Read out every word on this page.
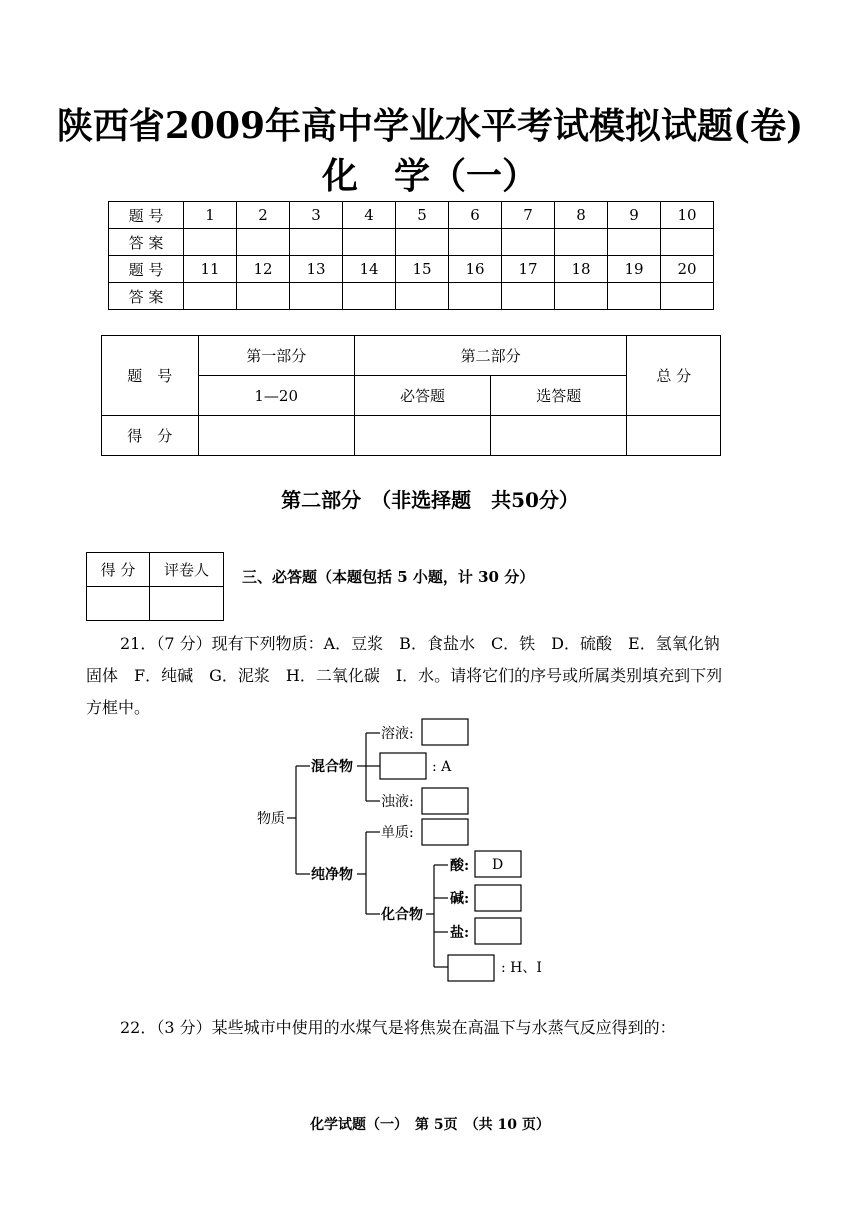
陕西省2009年高中学业水平考试模拟试题(卷)
化　学（一）
题 号	1	2	3	4	5	6	7	8	9	10
答 案										
题 号	11	12	13	14	15	16	17	18	19	20
答 案										
题　号	第一部分	第二部分		总 分
	1—20	必答题	选答题	
得　分				
第二部分　（非选择题　共50分）
得 分	评卷人
	三、必答题（本题包括 5 小题，计 30 分）
21．（7 分）现有下列物质：A．豆浆　B．食盐水　C．铁　D．硫酸　E．氢氧化钠固体　F．纯碱　G．泥浆　H．二氧化碳　I．水。请将它们的序号或所属类别填充到下列方框中。
物质
混合物
溶液:
: A
浊液:
纯净物
单质:
化合物
酸: D
碱:
盐:
: H、I
22．（3 分）某些城市中使用的水煤气是将焦炭在高温下与水蒸气反应得到的：
化学试题（一）　第 5页　（共 10 页）
